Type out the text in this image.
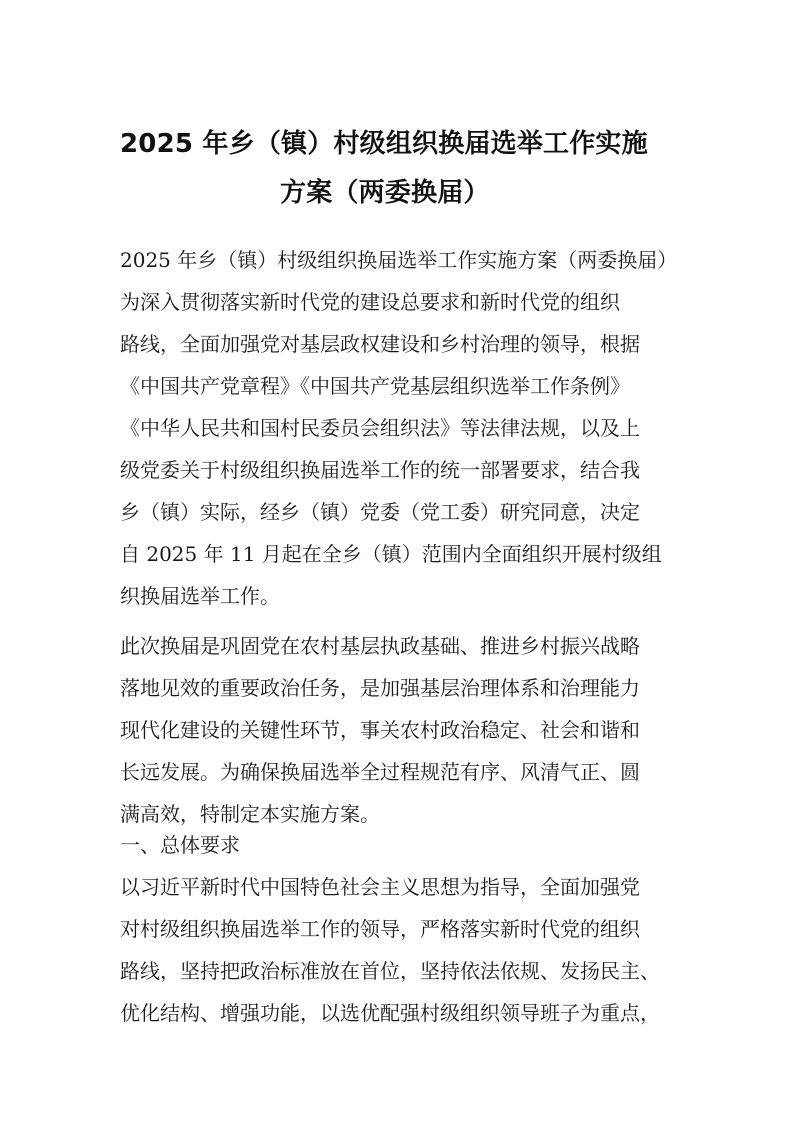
2025 年乡（镇）村级组织换届选举工作实施
方案（两委换届）
2025 年乡（镇）村级组织换届选举工作实施方案（两委换届）
为深入贯彻落实新时代党的建设总要求和新时代党的组织
路线，全面加强党对基层政权建设和乡村治理的领导，根据
《中国共产党章程》《中国共产党基层组织选举工作条例》
《中华人民共和国村民委员会组织法》等法律法规，以及上
级党委关于村级组织换届选举工作的统一部署要求，结合我
乡（镇）实际，经乡（镇）党委（党工委）研究同意，决定
自 2025 年 11 月起在全乡（镇）范围内全面组织开展村级组
织换届选举工作。
此次换届是巩固党在农村基层执政基础、推进乡村振兴战略
落地见效的重要政治任务，是加强基层治理体系和治理能力
现代化建设的关键性环节，事关农村政治稳定、社会和谐和
长远发展。为确保换届选举全过程规范有序、风清气正、圆
满高效，特制定本实施方案。
一、总体要求
以习近平新时代中国特色社会主义思想为指导，全面加强党
对村级组织换届选举工作的领导，严格落实新时代党的组织
路线，坚持把政治标准放在首位，坚持依法依规、发扬民主、
优化结构、增强功能，以选优配强村级组织领导班子为重点，
